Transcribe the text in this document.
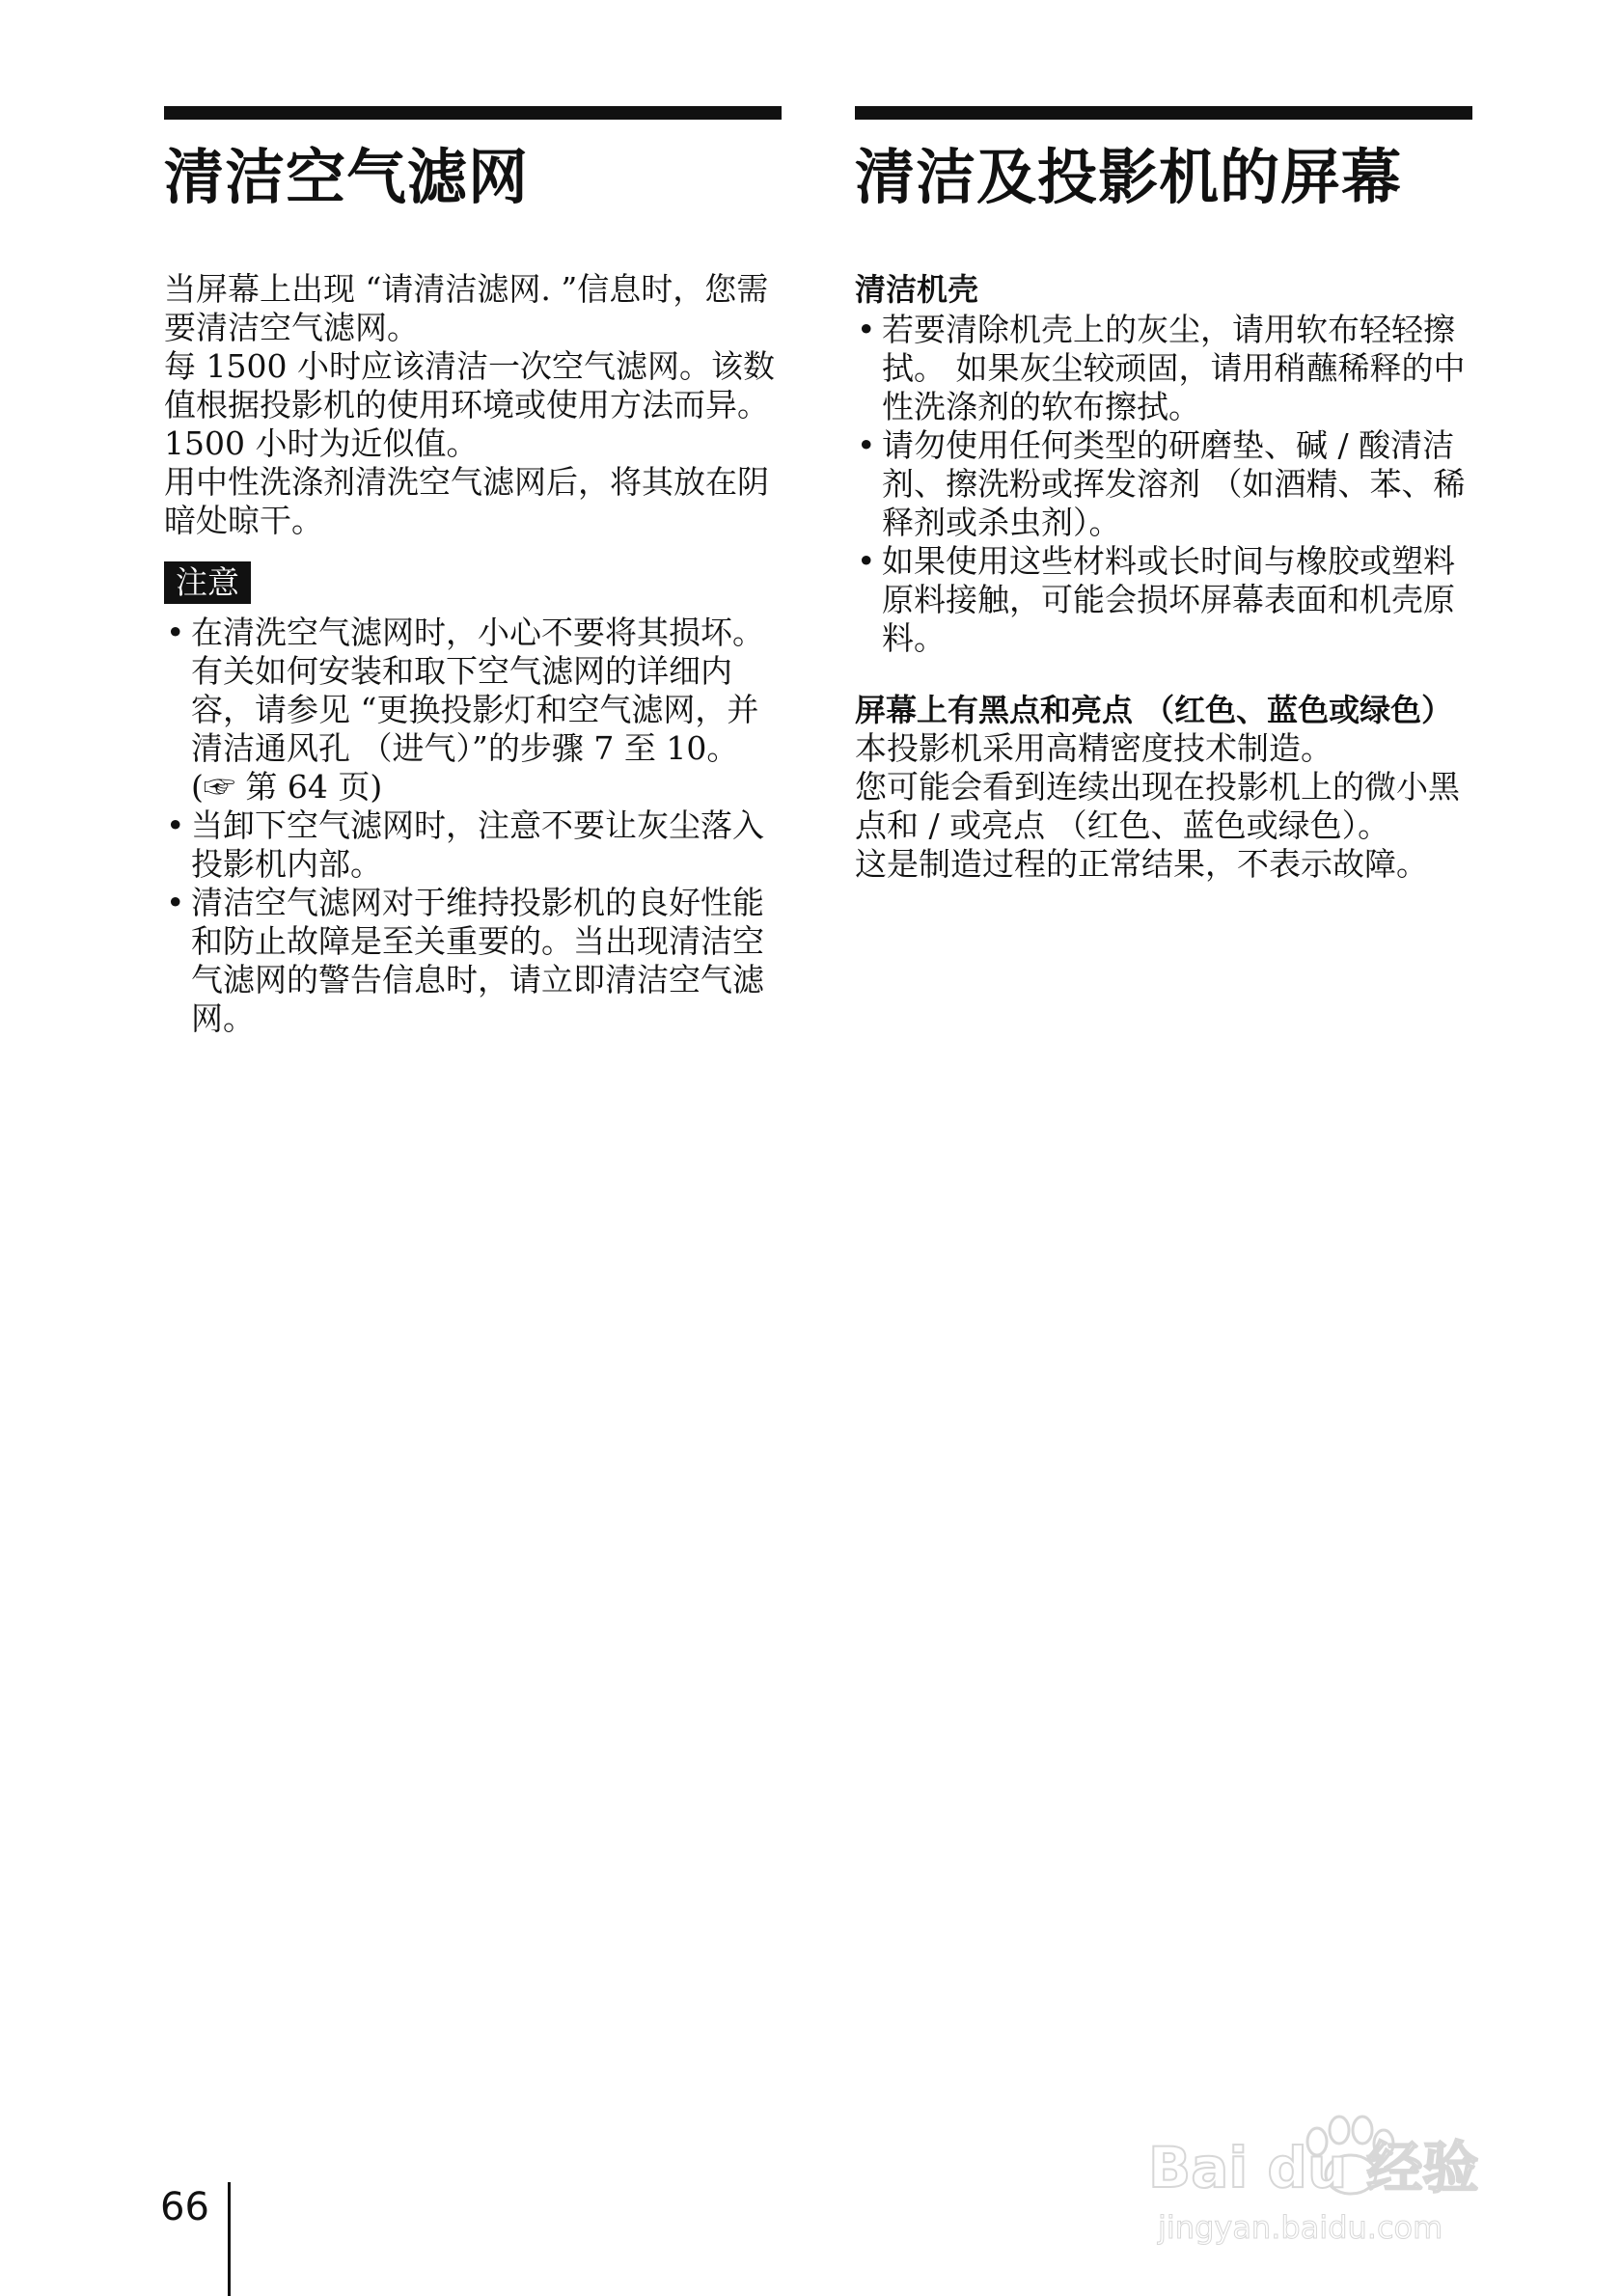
清洁空气滤网

当屏幕上出现 “请清洁滤网. ”信息时，您需要清洁空气滤网。

每 1500 小时应该清洁一次空气滤网。该数值根据投影机的使用环境或使用方法而异。1500 小时为近似值。

用中性洗涤剂清洗空气滤网后，将其放在阴暗处晾干。

注意
• 在清洗空气滤网时，小心不要将其损坏。有关如何安装和取下空气滤网的详细内容，请参见 “更换投影灯和空气滤网，并清洁通风孔 （进气）”的步骤 7 至 10。(☞ 第 64 页)
• 当卸下空气滤网时，注意不要让灰尘落入投影机内部。
• 清洁空气滤网对于维持投影机的良好性能和防止故障是至关重要的。当出现清洁空气滤网的警告信息时，请立即清洁空气滤网。
清洁及投影机的屏幕
清洁机壳
• 若要清除机壳上的灰尘，请用软布轻轻擦拭。 如果灰尘较顽固，请用稍蘸稀释的中性洗涤剂的软布擦拭。
• 请勿使用任何类型的研磨垫、碱 / 酸清洁剂、擦洗粉或挥发溶剂 （如酒精、苯、稀释剂或杀虫剂）。
• 如果使用这些材料或长时间与橡胶或塑料原料接触，可能会损坏屏幕表面和机壳原料。
屏幕上有黑点和亮点 （红色、蓝色或绿色）

本投影机采用高精密度技术制造。

您可能会看到连续出现在投影机上的微小黑点和 / 或亮点 （红色、蓝色或绿色）。

这是制造过程的正常结果，不表示故障。

66
Bai du 经验
jingyan.baidu.com
